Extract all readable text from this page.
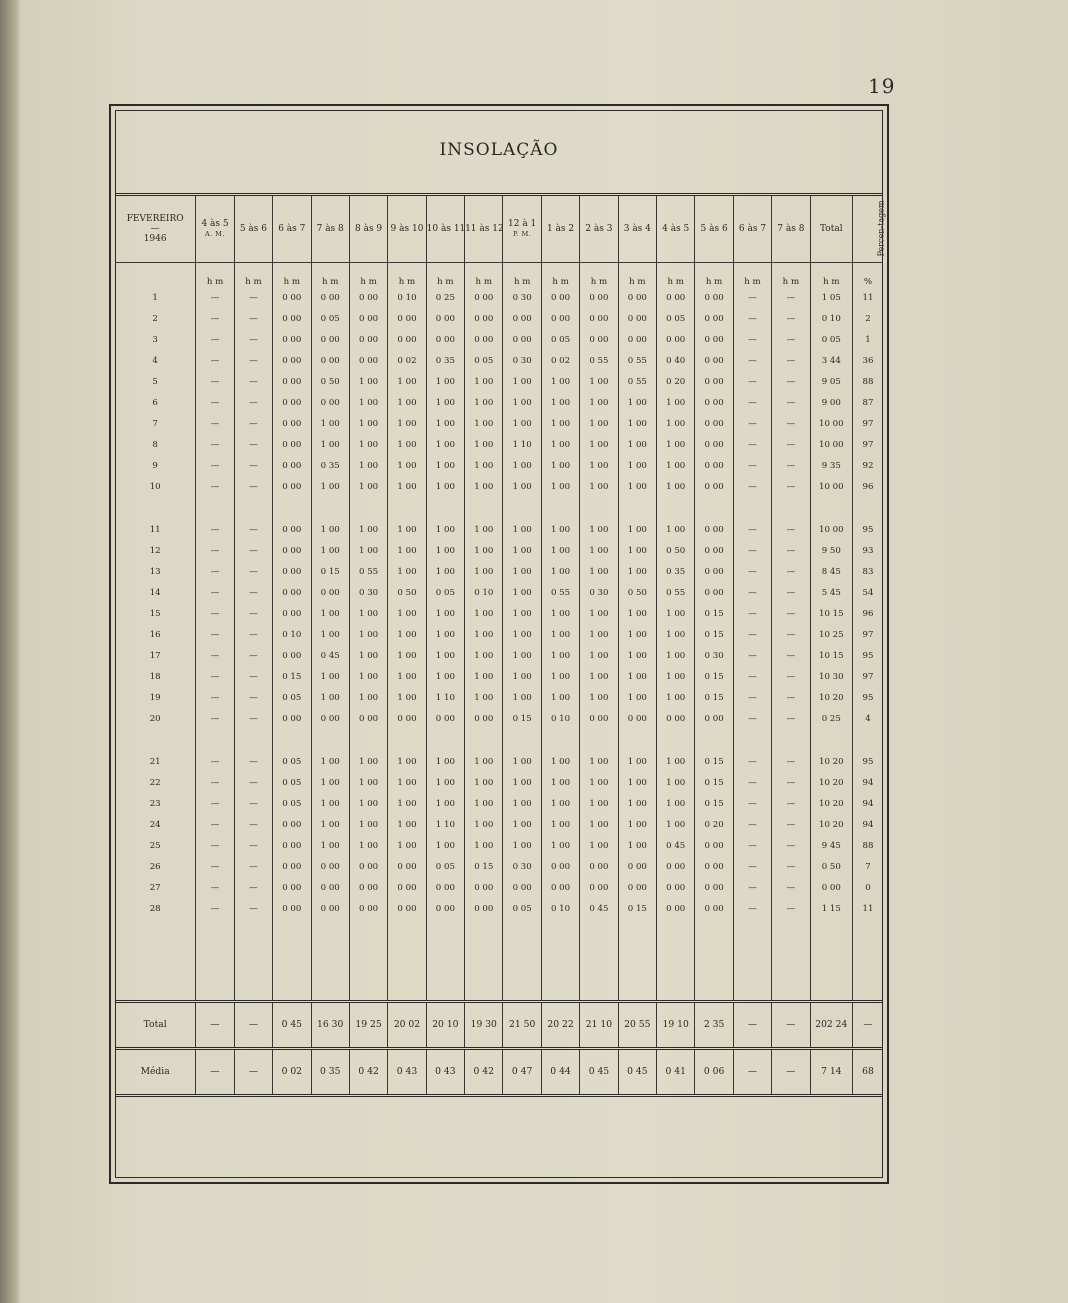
19
INSOLAÇÃO
FEVEREIRO
—
1946	4 às 5
A. M.	5 às 6	6 às 7	7 às 8	8 às 9	9 às 10	10 às 11	11 às 12	12 à 1
P. M.	1 às 2	2 às 3	3 às 4	4 às 5	5 às 6	6 às 7	7 às 8	Total	Percen-tagem
	h m	h m	h m	h m	h m	h m	h m	h m	h m	h m	h m	h m	h m	h m	h m	h m	h m	%
1	—	—	0 00	0 00	0 00	0 10	0 25	0 00	0 30	0 00	0 00	0 00	0 00	0 00	—	—	1 05	11
2	—	—	0 00	0 05	0 00	0 00	0 00	0 00	0 00	0 00	0 00	0 00	0 05	0 00	—	—	0 10	2
3	—	—	0 00	0 00	0 00	0 00	0 00	0 00	0 00	0 05	0 00	0 00	0 00	0 00	—	—	0 05	1
4	—	—	0 00	0 00	0 00	0 02	0 35	0 05	0 30	0 02	0 55	0 55	0 40	0 00	—	—	3 44	36
5	—	—	0 00	0 50	1 00	1 00	1 00	1 00	1 00	1 00	1 00	0 55	0 20	0 00	—	—	9 05	88
6	—	—	0 00	0 00	1 00	1 00	1 00	1 00	1 00	1 00	1 00	1 00	1 00	0 00	—	—	9 00	87
7	—	—	0 00	1 00	1 00	1 00	1 00	1 00	1 00	1 00	1 00	1 00	1 00	0 00	—	—	10 00	97
8	—	—	0 00	1 00	1 00	1 00	1 00	1 00	1 10	1 00	1 00	1 00	1 00	0 00	—	—	10 00	97
9	—	—	0 00	0 35	1 00	1 00	1 00	1 00	1 00	1 00	1 00	1 00	1 00	0 00	—	—	9 35	92
10	—	—	0 00	1 00	1 00	1 00	1 00	1 00	1 00	1 00	1 00	1 00	1 00	0 00	—	—	10 00	96

11	—	—	0 00	1 00	1 00	1 00	1 00	1 00	1 00	1 00	1 00	1 00	1 00	0 00	—	—	10 00	95
12	—	—	0 00	1 00	1 00	1 00	1 00	1 00	1 00	1 00	1 00	1 00	0 50	0 00	—	—	9 50	93
13	—	—	0 00	0 15	0 55	1 00	1 00	1 00	1 00	1 00	1 00	1 00	0 35	0 00	—	—	8 45	83
14	—	—	0 00	0 00	0 30	0 50	0 05	0 10	1 00	0 55	0 30	0 50	0 55	0 00	—	—	5 45	54
15	—	—	0 00	1 00	1 00	1 00	1 00	1 00	1 00	1 00	1 00	1 00	1 00	0 15	—	—	10 15	96
16	—	—	0 10	1 00	1 00	1 00	1 00	1 00	1 00	1 00	1 00	1 00	1 00	0 15	—	—	10 25	97
17	—	—	0 00	0 45	1 00	1 00	1 00	1 00	1 00	1 00	1 00	1 00	1 00	0 30	—	—	10 15	95
18	—	—	0 15	1 00	1 00	1 00	1 00	1 00	1 00	1 00	1 00	1 00	1 00	0 15	—	—	10 30	97
19	—	—	0 05	1 00	1 00	1 00	1 10	1 00	1 00	1 00	1 00	1 00	1 00	0 15	—	—	10 20	95
20	—	—	0 00	0 00	0 00	0 00	0 00	0 00	0 15	0 10	0 00	0 00	0 00	0 00	—	—	0 25	4

21	—	—	0 05	1 00	1 00	1 00	1 00	1 00	1 00	1 00	1 00	1 00	1 00	0 15	—	—	10 20	95
22	—	—	0 05	1 00	1 00	1 00	1 00	1 00	1 00	1 00	1 00	1 00	1 00	0 15	—	—	10 20	94
23	—	—	0 05	1 00	1 00	1 00	1 00	1 00	1 00	1 00	1 00	1 00	1 00	0 15	—	—	10 20	94
24	—	—	0 00	1 00	1 00	1 00	1 10	1 00	1 00	1 00	1 00	1 00	1 00	0 20	—	—	10 20	94
25	—	—	0 00	1 00	1 00	1 00	1 00	1 00	1 00	1 00	1 00	1 00	0 45	0 00	—	—	9 45	88
26	—	—	0 00	0 00	0 00	0 00	0 05	0 15	0 30	0 00	0 00	0 00	0 00	0 00	—	—	0 50	7
27	—	—	0 00	0 00	0 00	0 00	0 00	0 00	0 00	0 00	0 00	0 00	0 00	0 00	—	—	0 00	0
28	—	—	0 00	0 00	0 00	0 00	0 00	0 00	0 05	0 10	0 45	0 15	0 00	0 00	—	—	1 15	11

Total	—	—	0 45	16 30	19 25	20 02	20 10	19 30	21 50	20 22	21 10	20 55	19 10	2 35	—	—	202 24	—
Média	—	—	0 02	0 35	0 42	0 43	0 43	0 42	0 47	0 44	0 45	0 45	0 41	0 06	—	—	7 14	68
